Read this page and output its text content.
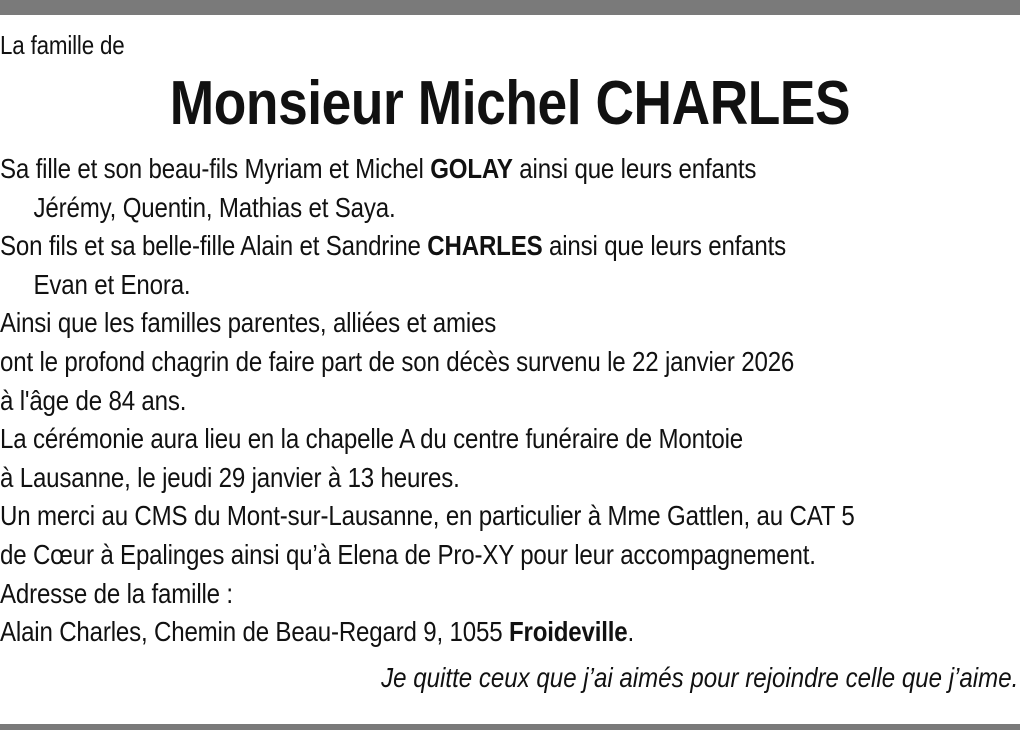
La famille de
Monsieur Michel CHARLES
Sa fille et son beau-fils Myriam et Michel GOLAY ainsi que leurs enfants
Jérémy, Quentin, Mathias et Saya.
Son fils et sa belle-fille Alain et Sandrine CHARLES ainsi que leurs enfants
Evan et Enora.
Ainsi que les familles parentes, alliées et amies
ont le profond chagrin de faire part de son décès survenu le 22 janvier 2026
à l'âge de 84 ans.
La cérémonie aura lieu en la chapelle A du centre funéraire de Montoie
à Lausanne, le jeudi 29 janvier à 13 heures.
Un merci au CMS du Mont-sur-Lausanne, en particulier à Mme Gattlen, au CAT 5
de Cœur à Epalinges ainsi qu’à Elena de Pro-XY pour leur accompagnement.
Adresse de la famille :
Alain Charles, Chemin de Beau-Regard 9, 1055 Froideville.
Je quitte ceux que j’ai aimés pour rejoindre celle que j’aime.
